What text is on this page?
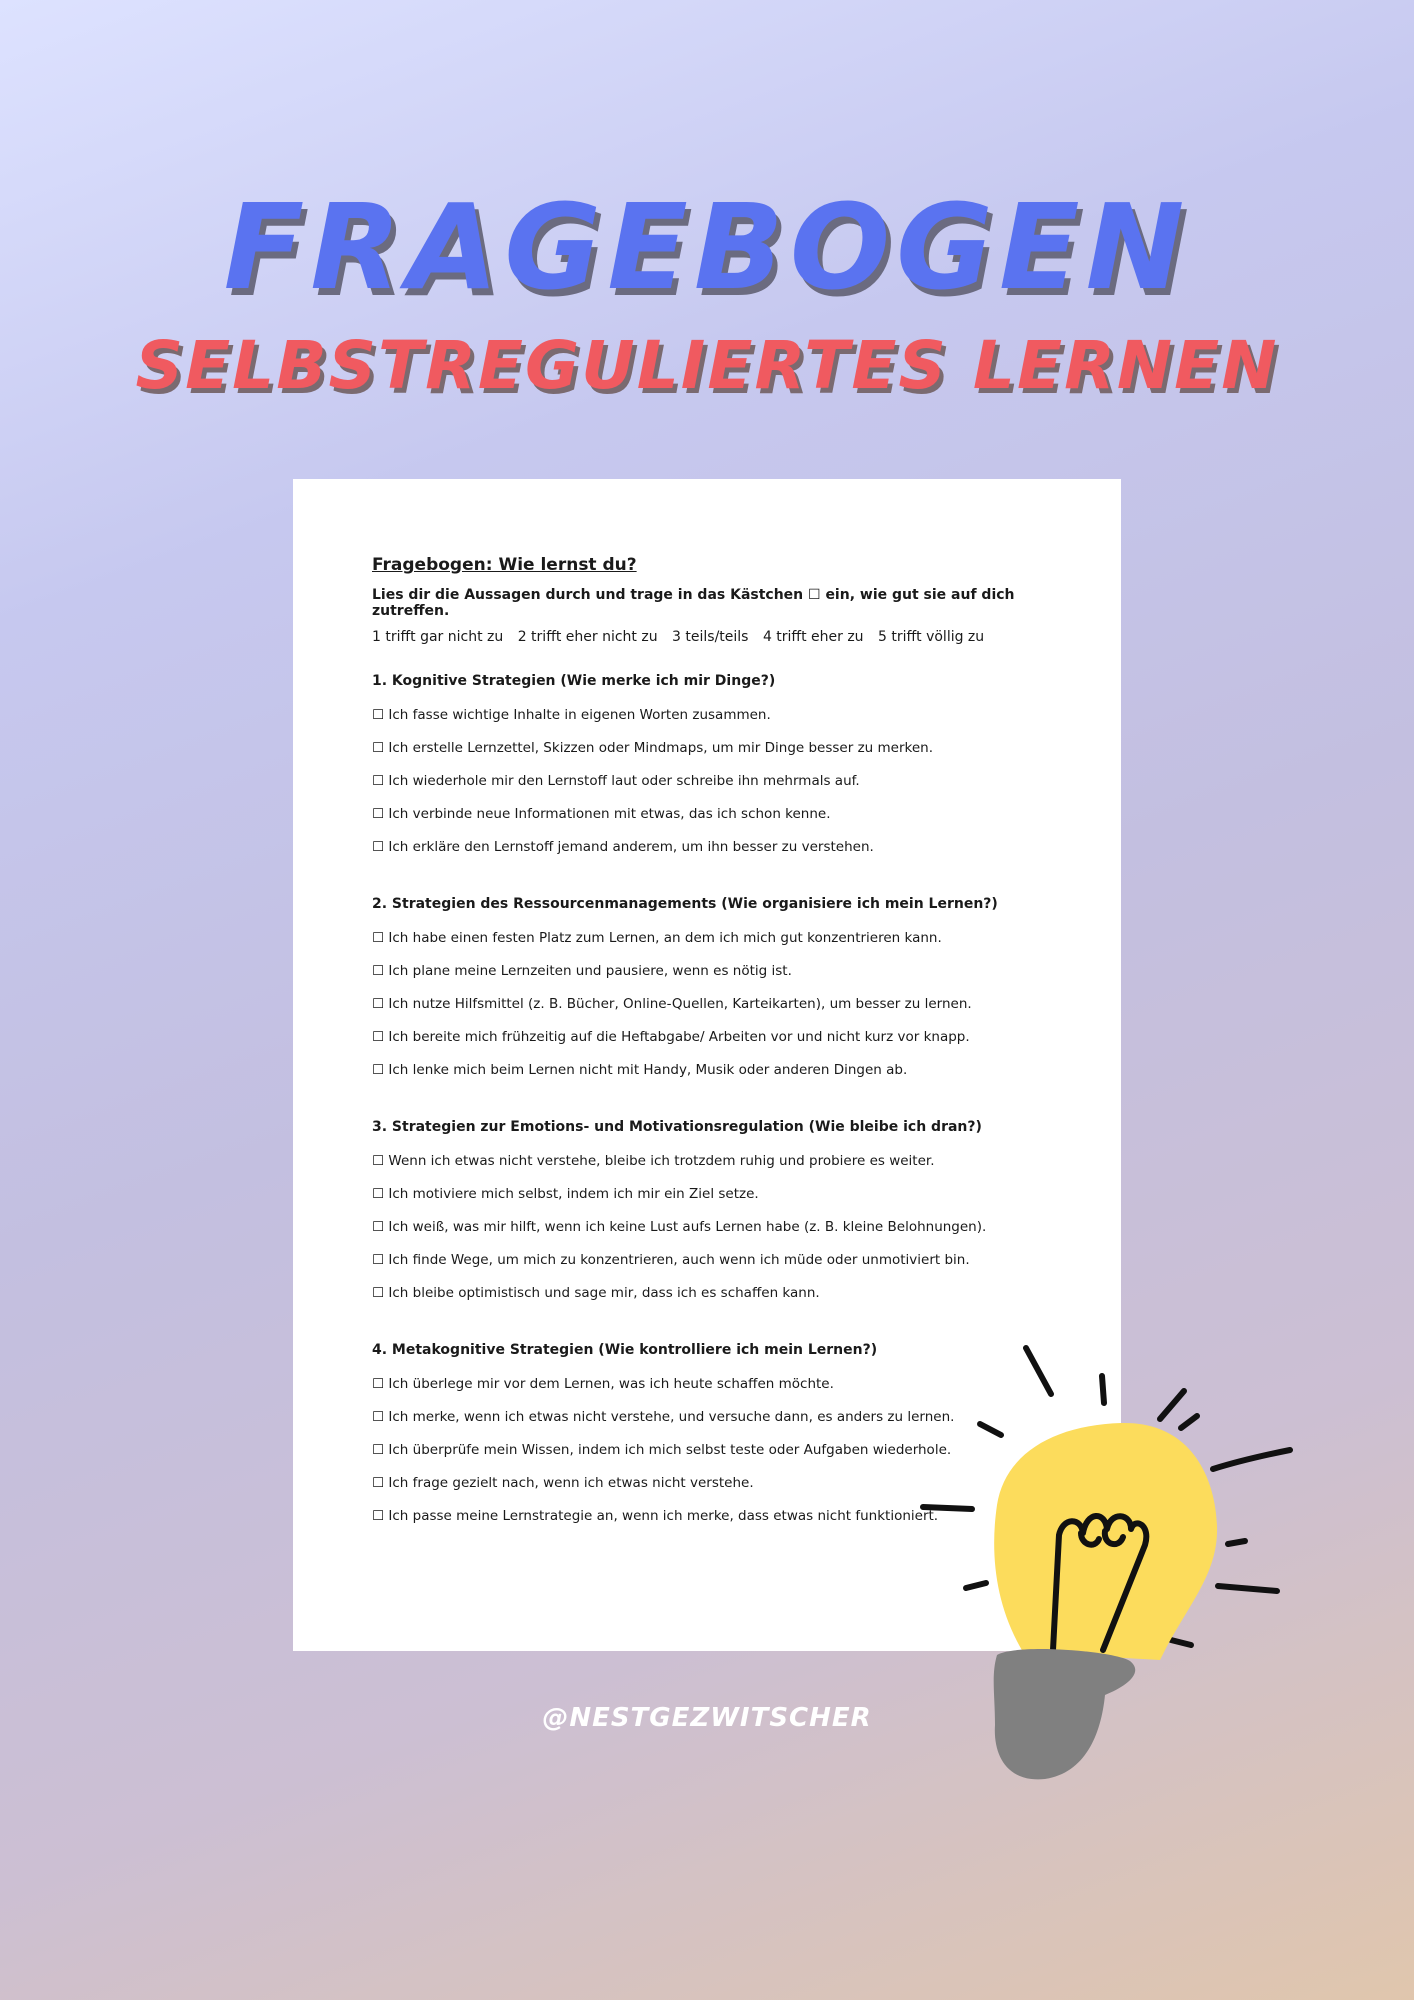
FRAGEBOGEN
SELBSTREGULIERTES LERNEN

Fragebogen: Wie lernst du?

Lies dir die Aussagen durch und trage in das Kästchen ☐ ein, wie gut sie auf dich zutreffen.

1 trifft gar nicht zu 2 trifft eher nicht zu 3 teils/teils 4 trifft eher zu 5 trifft völlig zu

1. Kognitive Strategien (Wie merke ich mir Dinge?)

☐ Ich fasse wichtige Inhalte in eigenen Worten zusammen.

☐ Ich erstelle Lernzettel, Skizzen oder Mindmaps, um mir Dinge besser zu merken.

☐ Ich wiederhole mir den Lernstoff laut oder schreibe ihn mehrmals auf.

☐ Ich verbinde neue Informationen mit etwas, das ich schon kenne.

☐ Ich erkläre den Lernstoff jemand anderem, um ihn besser zu verstehen.

2. Strategien des Ressourcenmanagements (Wie organisiere ich mein Lernen?)

☐ Ich habe einen festen Platz zum Lernen, an dem ich mich gut konzentrieren kann.

☐ Ich plane meine Lernzeiten und pausiere, wenn es nötig ist.

☐ Ich nutze Hilfsmittel (z. B. Bücher, Online-Quellen, Karteikarten), um besser zu lernen.

☐ Ich bereite mich frühzeitig auf die Heftabgabe/ Arbeiten vor und nicht kurz vor knapp.

☐ Ich lenke mich beim Lernen nicht mit Handy, Musik oder anderen Dingen ab.

3. Strategien zur Emotions- und Motivationsregulation (Wie bleibe ich dran?)

☐ Wenn ich etwas nicht verstehe, bleibe ich trotzdem ruhig und probiere es weiter.

☐ Ich motiviere mich selbst, indem ich mir ein Ziel setze.

☐ Ich weiß, was mir hilft, wenn ich keine Lust aufs Lernen habe (z. B. kleine Belohnungen).

☐ Ich finde Wege, um mich zu konzentrieren, auch wenn ich müde oder unmotiviert bin.

☐ Ich bleibe optimistisch und sage mir, dass ich es schaffen kann.

4. Metakognitive Strategien (Wie kontrolliere ich mein Lernen?)

☐ Ich überlege mir vor dem Lernen, was ich heute schaffen möchte.

☐ Ich merke, wenn ich etwas nicht verstehe, und versuche dann, es anders zu lernen.

☐ Ich überprüfe mein Wissen, indem ich mich selbst teste oder Aufgaben wiederhole.

☐ Ich frage gezielt nach, wenn ich etwas nicht verstehe.

☐ Ich passe meine Lernstrategie an, wenn ich merke, dass etwas nicht funktioniert.

@NESTGEZWITSCHER
